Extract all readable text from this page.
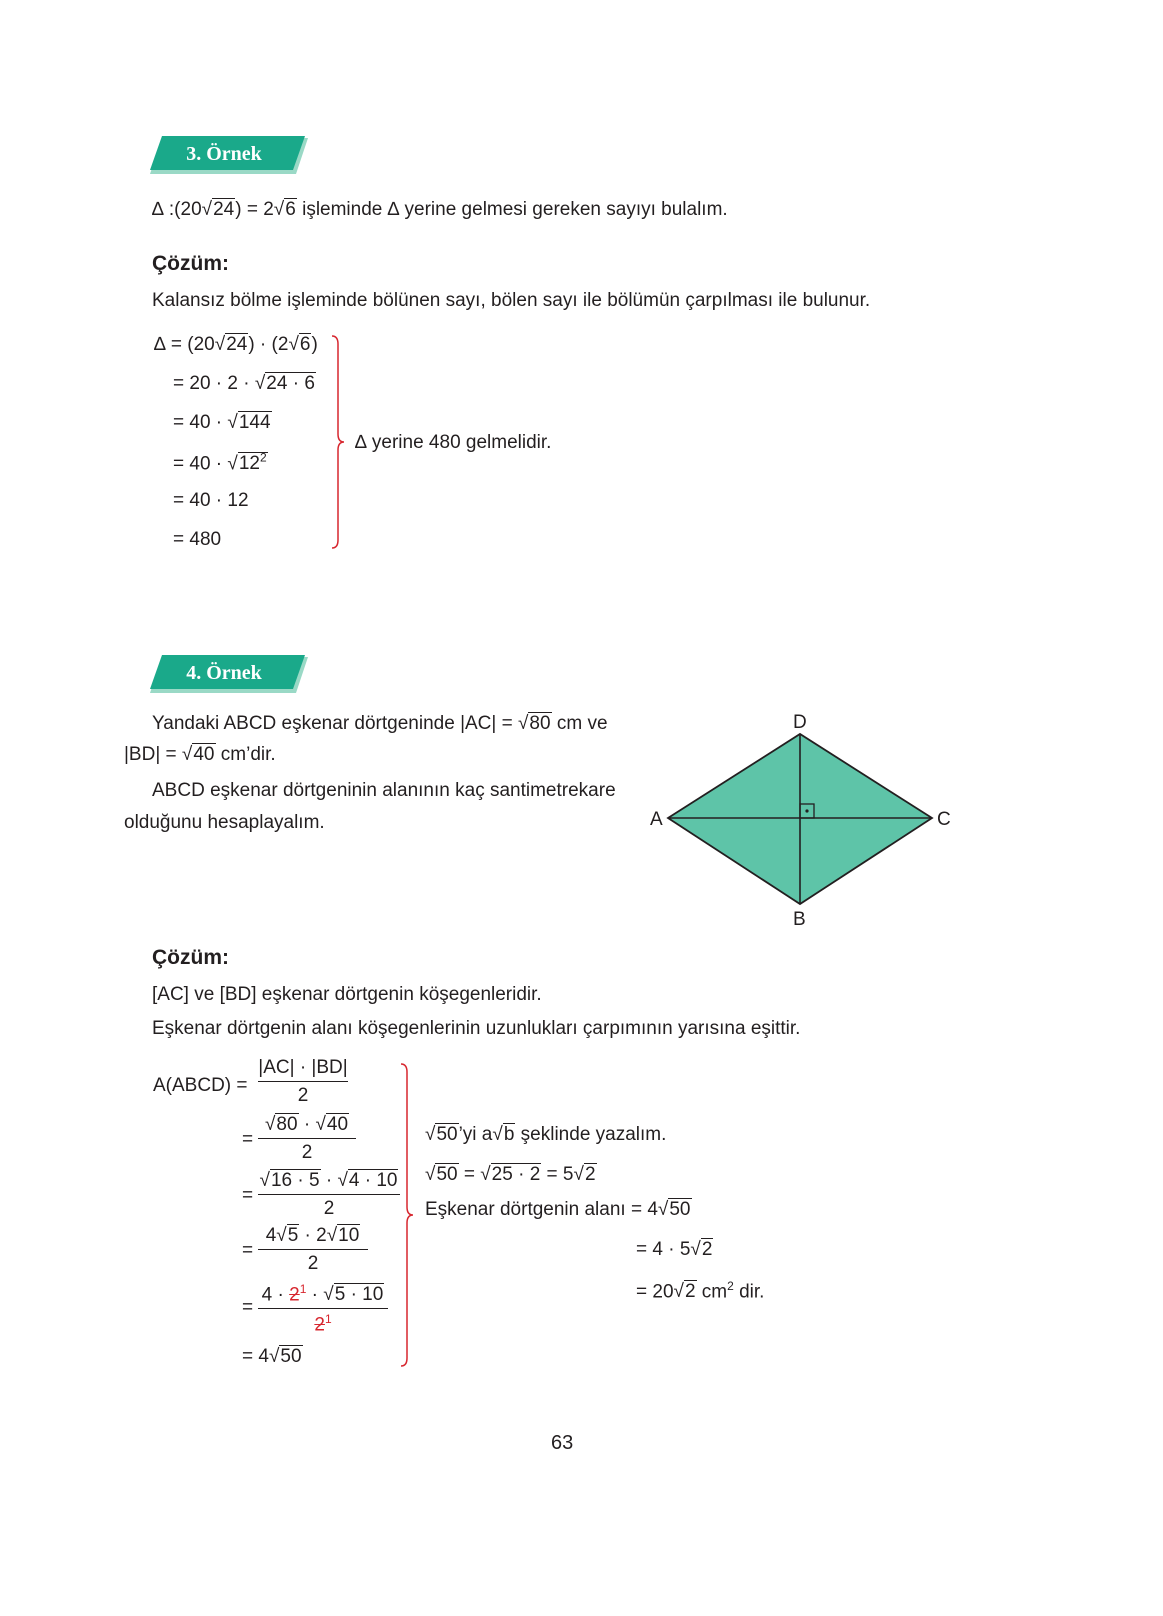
3. Örnek
∆ :(20√24) = 2√6 işleminde ∆ yerine gelmesi gereken sayıyı bulalım.
Çözüm:
Kalansız bölme işleminde bölünen sayı, bölen sayı ile bölümün çarpılması ile bulunur.
∆ = (20√24) · (2√6)
= 20 · 2 · √24 · 6
= 40 · √144
= $40 \cdot √12^2$
= 40 · 12
= 480
∆ yerine 480 gelmelidir.
4. Örnek
Yandaki ABCD eşkenar dörtgeninde |AC| = √80 cm ve
|BD| = √40 cm’dir.
ABCD eşkenar dörtgeninin alanının kaç santimetrekare
olduğunu hesaplayalım.	A
B
C
D
Çözüm:
[AC] ve [BD] eşkenar dörtgenin köşegenleridir.
Eşkenar dörtgenin alanı köşegenlerinin uzunlukları çarpımının yarısına eşittir.
A(ABCD) = $\frac{|AC| \cdot |BD|}{2}$
= $\frac{√80 \cdot √40}{2}$
= $\frac{√16 \cdot 5 \cdot √4 \cdot 10}{2}$
= $\frac{4√5 \cdot 2√10}{2}$
= $\frac{4 \cdot 2^1 \cdot √5 \cdot 10}{2^1}$
= 4√50
√50’yi a√b şeklinde yazalım.
√50 = √25 · 2 = 5√2
Eşkenar dörtgenin alanı = 4√50
= 4 · 5√2
= 20√2 $cm^2$ dir.
63
